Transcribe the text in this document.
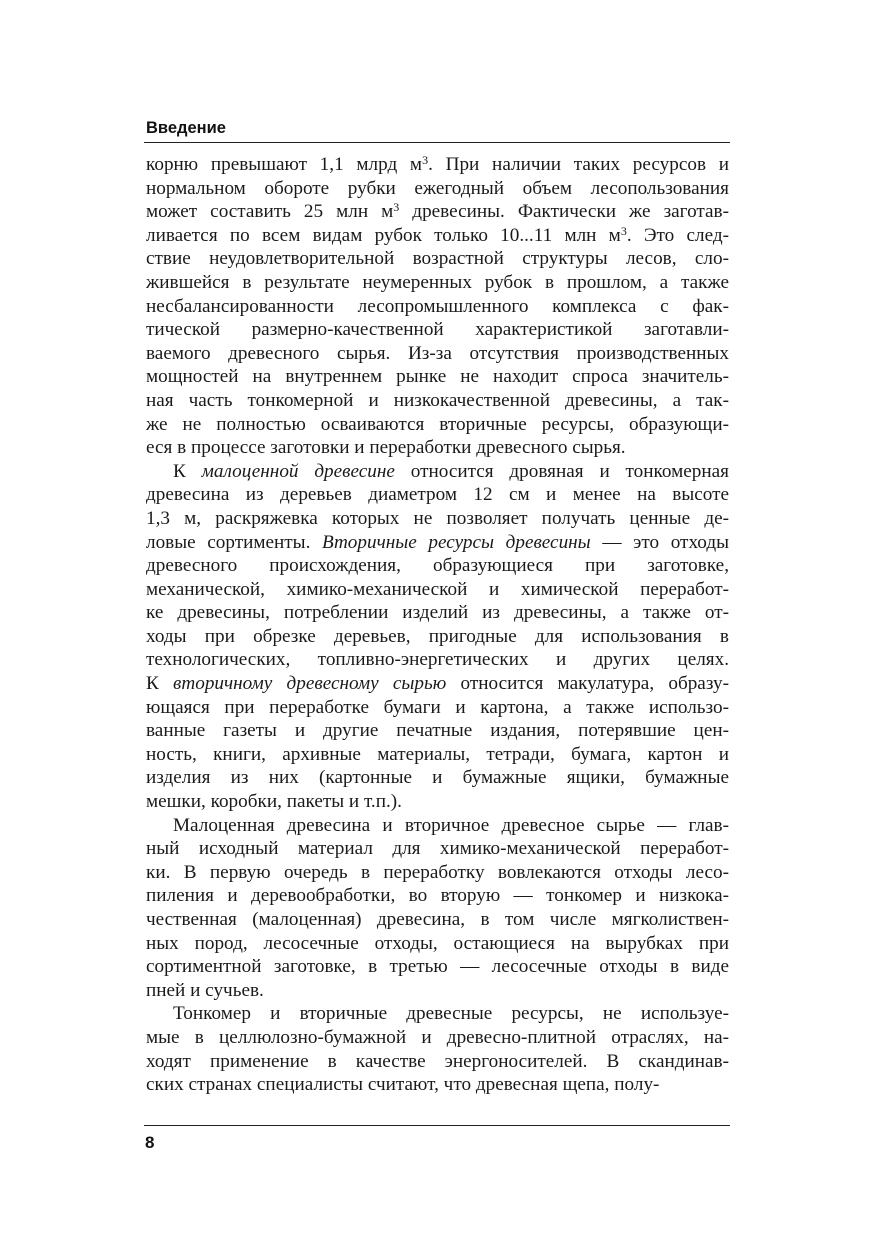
Введение
корню превышают 1,1 млрд $м^3$. При наличии таких ресурсов и
нормальном обороте рубки ежегодный объем лесопользования
может составить 25 млн $м^3$ древесины. Фактически же заготав-
ливается по всем видам рубок только 10...11 млн $м^3$. Это след-
ствие неудовлетворительной возрастной структуры лесов, сло-
жившейся в результате неумеренных рубок в прошлом, а также
несбалансированности лесопромышленного комплекса с фак-
тической размерно-качественной характеристикой заготавли-
ваемого древесного сырья. Из-за отсутствия производственных
мощностей на внутреннем рынке не находит спроса значитель-
ная часть тонкомерной и низкокачественной древесины, а так-
же не полностью осваиваются вторичные ресурсы, образующи-
еся в процессе заготовки и переработки древесного сырья.
К малоценной древесине относится дровяная и тонкомерная
древесина из деревьев диаметром 12 см и менее на высоте
1,3 м, раскряжевка которых не позволяет получать ценные де-
ловые сортименты. Вторичные ресурсы древесины — это отходы
древесного происхождения, образующиеся при заготовке,
механической, химико-механической и химической переработ-
ке древесины, потреблении изделий из древесины, а также от-
ходы при обрезке деревьев, пригодные для использования в
технологических, топливно-энергетических и других целях.
К вторичному древесному сырью относится макулатура, образу-
ющаяся при переработке бумаги и картона, а также использо-
ванные газеты и другие печатные издания, потерявшие цен-
ность, книги, архивные материалы, тетради, бумага, картон и
изделия из них (картонные и бумажные ящики, бумажные
мешки, коробки, пакеты и т.п.).
Малоценная древесина и вторичное древесное сырье — глав-
ный исходный материал для химико-механической переработ-
ки. В первую очередь в переработку вовлекаются отходы лесо-
пиления и деревообработки, во вторую — тонкомер и низкока-
чественная (малоценная) древесина, в том числе мягколиствен-
ных пород, лесосечные отходы, остающиеся на вырубках при
сортиментной заготовке, в третью — лесосечные отходы в виде
пней и сучьев.
Тонкомер и вторичные древесные ресурсы, не используе-
мые в целлюлозно-бумажной и древесно-плитной отраслях, на-
ходят применение в качестве энергоносителей. В скандинав-
ских странах специалисты считают, что древесная щепа, полу-
8
